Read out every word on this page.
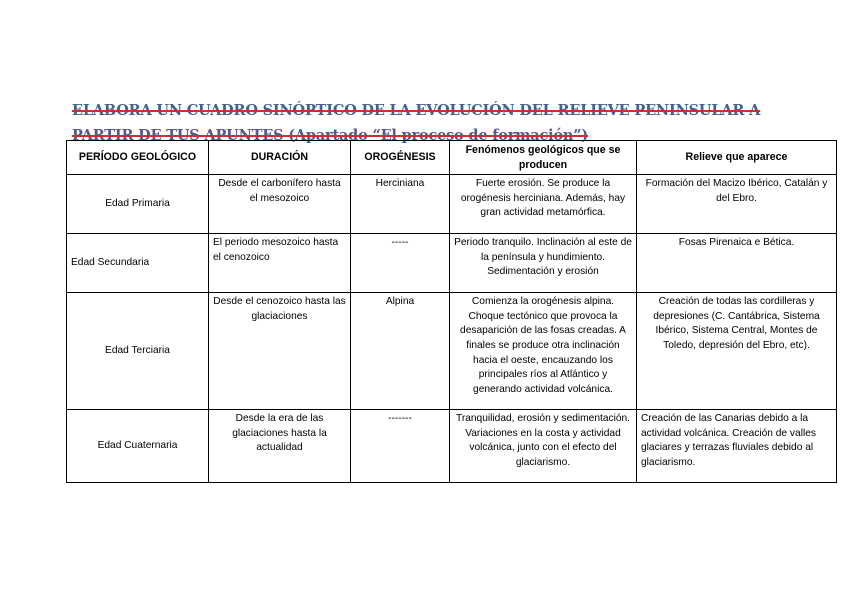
ELABORA UN CUADRO SINÓPTICO DE LA EVOLUCIÓN DEL RELIEVE PENINSULAR A PARTIR DE TUS APUNTES (Apartado “El proceso de formación”)
PERÍODO GEOLÓGICO	DURACIÓN	OROGÉNESIS	Fenómenos geológicos que se producen	Relieve que aparece
Edad Primaria	Desde el carbonífero hasta el mesozoico	Herciniana	Fuerte erosión. Se produce la orogénesis herciniana. Además, hay gran actividad metamórfica.	Formación del Macizo Ibérico, Catalán y del Ebro.
Edad Secundaria	El periodo mesozoico hasta el cenozoico	-----	Periodo tranquilo. Inclinación al este de la península y hundimiento. Sedimentación y erosión	Fosas Pirenaica e Bética.
Edad Terciaria	Desde el cenozoico hasta las glaciaciones	Alpina	Comienza la orogénesis alpina. Choque tectónico que provoca la desaparición de las fosas creadas. A finales se produce otra inclinación hacia el oeste, encauzando los principales ríos al Atlántico y generando actividad volcánica.	Creación de todas las cordilleras y depresiones (C. Cantábrica, Sistema Ibérico, Sistema Central, Montes de Toledo, depresión del Ebro, etc).
Edad Cuaternaria	Desde la era de las glaciaciones hasta la actualidad	-------	Tranquilidad, erosión y sedimentación. Variaciones en la costa y actividad volcánica, junto con el efecto del glaciarismo.	Creación de las Canarias debido a la actividad volcánica. Creación de valles glaciares y terrazas fluviales debido al glaciarismo.
